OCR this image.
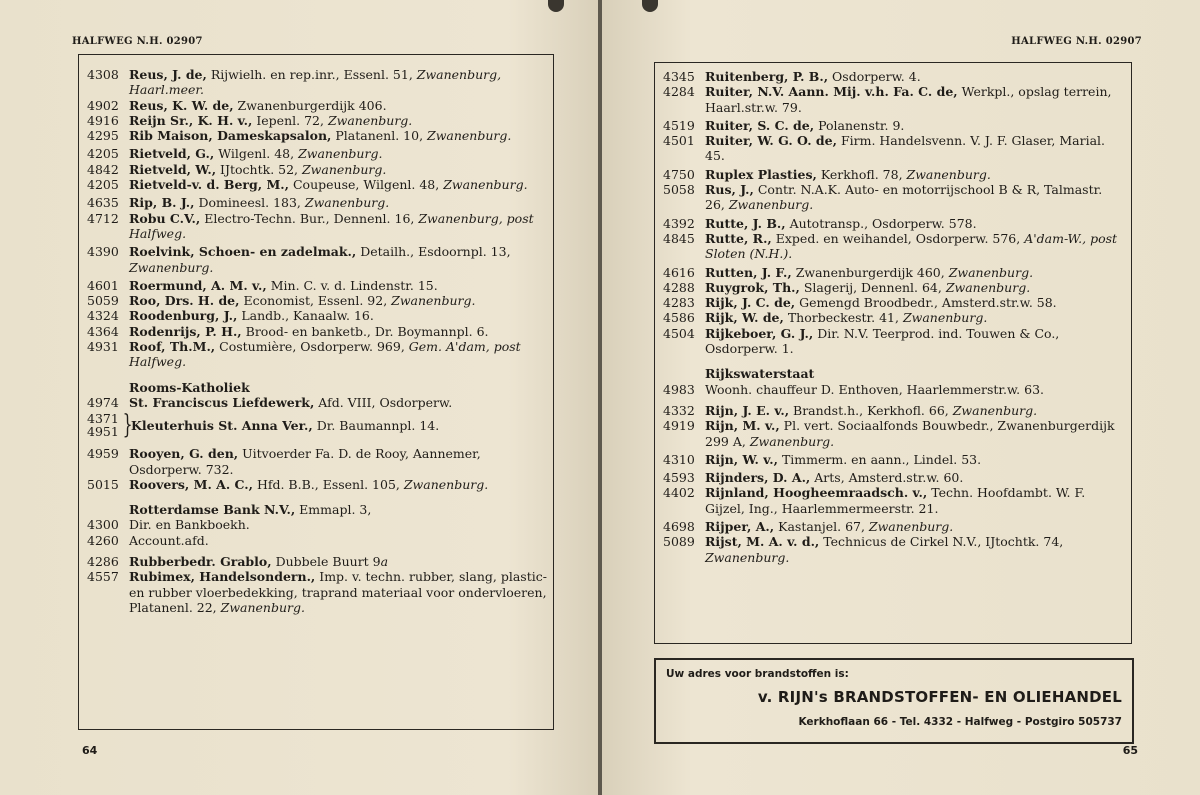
HALFWEG N.H. 02907
4308 Reus, J. de, Rijwielh. en rep.inr., Essenl. 51, Zwanenburg, Haarl.meer.
4902 Reus, K. W. de, Zwanenburgerdijk 406.
4916 Reijn Sr., K. H. v., Iepenl. 72, Zwanenburg.
4295 Rib Maison, Dameskapsalon, Platanenl. 10, Zwanenburg.
4205 Rietveld, G., Wilgenl. 48, Zwanenburg.
4842 Rietveld, W., IJtochtk. 52, Zwanenburg.
4205 Rietveld-v. d. Berg, M., Coupeuse, Wilgenl. 48, Zwanenburg.
4635 Rip, B. J., Domineesl. 183, Zwanenburg.
4712 Robu C.V., Electro-Techn. Bur., Dennenl. 16, Zwanenburg, post Halfweg.
4390 Roelvink, Schoen- en zadelmak., Detailh., Esdoornpl. 13, Zwanenburg.
4601 Roermund, A. M. v., Min. C. v. d. Lindenstr. 15.
5059 Roo, Drs. H. de, Economist, Essenl. 92, Zwanenburg.
4324 Roodenburg, J., Landb., Kanaalw. 16.
4364 Rodenrijs, P. H., Brood- en banketb., Dr. Boymannpl. 6.
4931 Roof, Th.M., Costumière, Osdorperw. 969, Gem. A'dam, post Halfweg.
Rooms-Katholiek
4974 St. Franciscus Liefdewerk, Afd. VIII, Osdorperw.
4371
4951 }
Kleuterhuis St. Anna Ver., Dr. Baumannpl. 14.
4959 Rooyen, G. den, Uitvoerder Fa. D. de Rooy, Aannemer, Osdorperw. 732.
5015 Roovers, M. A. C., Hfd. B.B., Essenl. 105, Zwanenburg.
Rotterdamse Bank N.V., Emmapl. 3,
4300 Dir. en Bankboekh.
4260 Account.afd.
4286 Rubberbedr. Grablo, Dubbele Buurt 9a
4557 Rubimex, Handelsondern., Imp. v. techn. rubber, slang, plastic- en rubber vloerbedekking, traprand materiaal voor ondervloeren, Platanenl. 22, Zwanenburg.
64
HALFWEG N.H. 02907
4345 Ruitenberg, P. B., Osdorperw. 4.
4284 Ruiter, N.V. Aann. Mij. v.h. Fa. C. de, Werkpl., opslag terrein, Haarl.str.w. 79.
4519 Ruiter, S. C. de, Polanenstr. 9.
4501 Ruiter, W. G. O. de, Firm. Handelsvenn. V. J. F. Glaser, Marial. 45.
4750 Ruplex Plasties, Kerkhofl. 78, Zwanenburg.
5058 Rus, J., Contr. N.A.K. Auto- en motorrijschool B & R, Talmastr. 26, Zwanenburg.
4392 Rutte, J. B., Autotransp., Osdorperw. 578.
4845 Rutte, R., Exped. en weihandel, Osdorperw. 576, A'dam-W., post Sloten (N.H.).
4616 Rutten, J. F., Zwanenburgerdijk 460, Zwanenburg.
4288 Ruygrok, Th., Slagerij, Dennenl. 64, Zwanenburg.
4283 Rijk, J. C. de, Gemengd Broodbedr., Amsterd.str.w. 58.
4586 Rijk, W. de, Thorbeckestr. 41, Zwanenburg.
4504 Rijkeboer, G. J., Dir. N.V. Teerprod. ind. Touwen & Co., Osdorperw. 1.
Rijkswaterstaat
4983 Woonh. chauffeur D. Enthoven, Haarlemmerstr.w. 63.
4332 Rijn, J. E. v., Brandst.h., Kerkhofl. 66, Zwanenburg.
4919 Rijn, M. v., Pl. vert. Sociaalfonds Bouwbedr., Zwanenburgerdijk 299 A, Zwanenburg.
4310 Rijn, W. v., Timmerm. en aann., Lindel. 53.
4593 Rijnders, D. A., Arts, Amsterd.str.w. 60.
4402 Rijnland, Hoogheemraadsch. v., Techn. Hoofdambt. W. F. Gijzel, Ing., Haarlemmermeerstr. 21.
4698 Rijper, A., Kastanjel. 67, Zwanenburg.
5089 Rijst, M. A. v. d., Technicus de Cirkel N.V., IJtochtk. 74, Zwanenburg.
Uw adres voor brandstoffen is:
v. RIJN's BRANDSTOFFEN- EN OLIEHANDEL
Kerkhoflaan 66 - Tel. 4332 - Halfweg - Postgiro 505737
65
